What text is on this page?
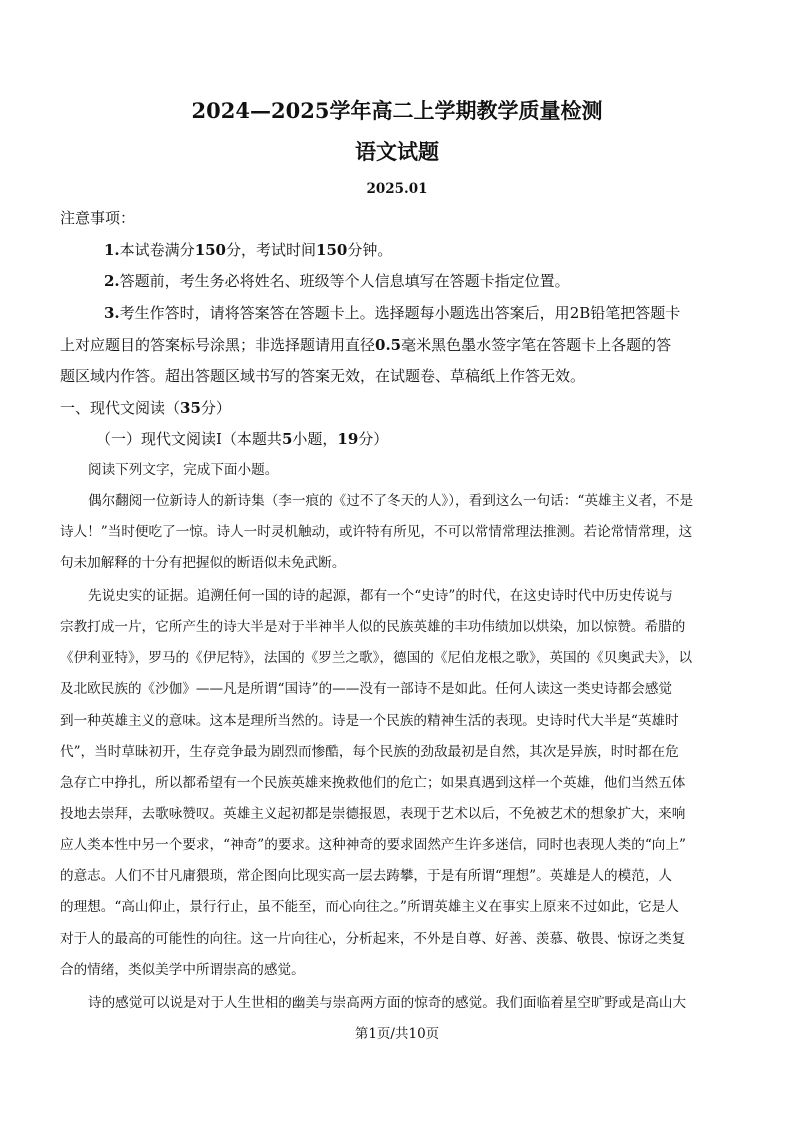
2024—2025学年高二上学期教学质量检测
语文试题
2025.01
注意事项：
1.本试卷满分150分，考试时间150分钟。
2.答题前，考生务必将姓名、班级等个人信息填写在答题卡指定位置。
3.考生作答时，请将答案答在答题卡上。选择题每小题选出答案后，用2B铅笔把答题卡
上对应题目的答案标号涂黑；非选择题请用直径0.5毫米黑色墨水签字笔在答题卡上各题的答
题区域内作答。超出答题区域书写的答案无效，在试题卷、草稿纸上作答无效。
一、现代文阅读（35分）
（一）现代文阅读Ⅰ（本题共5小题，19分）
阅读下列文字，完成下面小题。
偶尔翻阅一位新诗人的新诗集（李一痕的《过不了冬天的人》），看到这么一句话：“英雄主义者，不是
诗人！”当时便吃了一惊。诗人一时灵机触动，或许特有所见，不可以常情常理法推测。若论常情常理，这
句未加解释的十分有把握似的断语似未免武断。
先说史实的证据。追溯任何一国的诗的起源，都有一个“史诗”的时代，在这史诗时代中历史传说与
宗教打成一片，它所产生的诗大半是对于半神半人似的民族英雄的丰功伟绩加以烘染，加以惊赞。希腊的
《伊利亚特》，罗马的《伊尼特》，法国的《罗兰之歌》，德国的《尼伯龙根之歌》，英国的《贝奥武夫》，以
及北欧民族的《沙伽》——凡是所谓“国诗”的——没有一部诗不是如此。任何人读这一类史诗都会感觉
到一种英雄主义的意味。这本是理所当然的。诗是一个民族的精神生活的表现。史诗时代大半是“英雄时
代”，当时草昧初开，生存竞争最为剧烈而惨酷，每个民族的劲敌最初是自然，其次是异族，时时都在危
急存亡中挣扎，所以都希望有一个民族英雄来挽救他们的危亡；如果真遇到这样一个英雄，他们当然五体
投地去崇拜，去歌咏赞叹。英雄主义起初都是崇德报恩，表现于艺术以后，不免被艺术的想象扩大，来响
应人类本性中另一个要求，“神奇”的要求。这种神奇的要求固然产生许多迷信，同时也表现人类的“向上”
的意志。人们不甘凡庸猥琐，常企图向比现实高一层去踌攀，于是有所谓“理想”。英雄是人的模范，人
的理想。“高山仰止，景行行止，虽不能至，而心向往之。”所谓英雄主义在事实上原来不过如此，它是人
对于人的最高的可能性的向往。这一片向往心，分析起来，不外是自尊、好善、羡慕、敬畏、惊讶之类复
合的情绪，类似美学中所谓崇高的感觉。
诗的感觉可以说是对于人生世相的幽美与崇高两方面的惊奇的感觉。我们面临着星空旷野或是高山大
第1页/共10页
